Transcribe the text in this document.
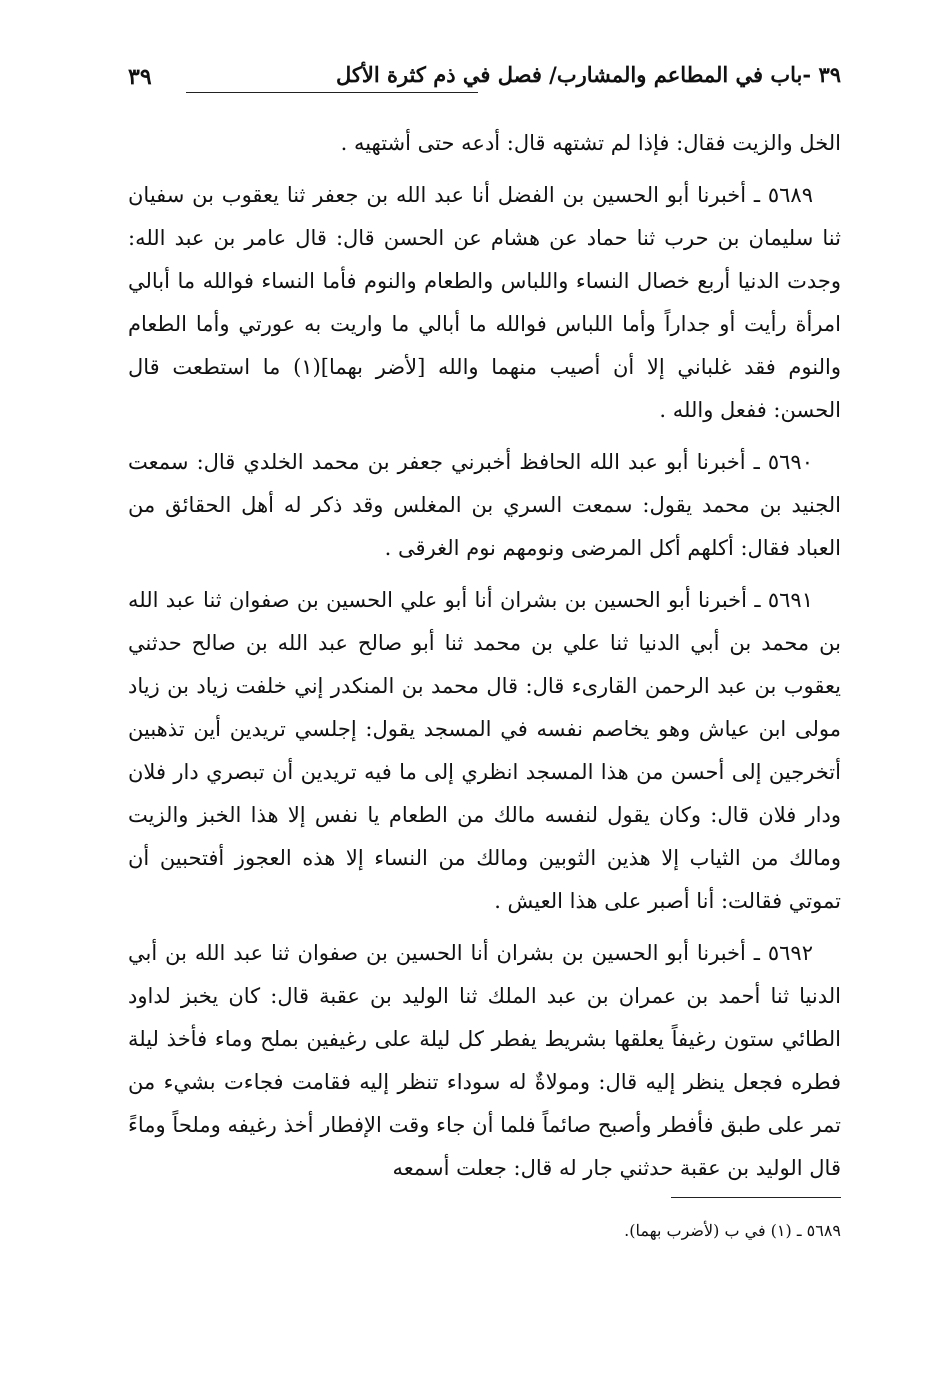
٣٩ -باب في المطاعم والمشارب/ فصل في ذم كثرة الأكل
٣٩

الخل والزيت فقال: فإذا لم تشتهه قال: أدعه حتى أشتهيه .

٥٦٨٩ ـ أخبرنا أبو الحسين بن الفضل أنا عبد الله بن جعفر ثنا يعقوب بن سفيان ثنا سليمان بن حرب ثنا حماد عن هشام عن الحسن قال: قال عامر بن عبد الله: وجدت الدنيا أربع خصال النساء واللباس والطعام والنوم فأما النساء فوالله ما أبالي امرأة رأيت أو جداراً وأما اللباس فوالله ما أبالي ما واريت به عورتي وأما الطعام والنوم فقد غلباني إلا أن أصيب منهما والله [لأضر بهما](١) ما استطعت قال الحسن: ففعل والله .

٥٦٩٠ ـ أخبرنا أبو عبد الله الحافظ أخبرني جعفر بن محمد الخلدي قال: سمعت الجنيد بن محمد يقول: سمعت السري بن المغلس وقد ذكر له أهل الحقائق من العباد فقال: أكلهم أكل المرضى ونومهم نوم الغرقى .

٥٦٩١ ـ أخبرنا أبو الحسين بن بشران أنا أبو علي الحسين بن صفوان ثنا عبد الله بن محمد بن أبي الدنيا ثنا علي بن محمد ثنا أبو صالح عبد الله بن صالح حدثني يعقوب بن عبد الرحمن القارىء قال: قال محمد بن المنكدر إني خلفت زياد بن زياد مولى ابن عياش وهو يخاصم نفسه في المسجد يقول: إجلسي تريدين أين تذهبين أتخرجين إلى أحسن من هذا المسجد انظري إلى ما فيه تريدين أن تبصري دار فلان ودار فلان قال: وكان يقول لنفسه مالك من الطعام يا نفس إلا هذا الخبز والزيت ومالك من الثياب إلا هذين الثوبين ومالك من النساء إلا هذه العجوز أفتحبين أن تموتي فقالت: أنا أصبر على هذا العيش .

٥٦٩٢ ـ أخبرنا أبو الحسين بن بشران أنا الحسين بن صفوان ثنا عبد الله بن أبي الدنيا ثنا أحمد بن عمران بن عبد الملك ثنا الوليد بن عقبة قال: كان يخبز لداود الطائي ستون رغيفاً يعلقها بشريط يفطر كل ليلة على رغيفين بملح وماء فأخذ ليلة فطره فجعل ينظر إليه قال: ومولاةٌ له سوداء تنظر إليه فقامت فجاءت بشيء من تمر على طبق فأفطر وأصبح صائماً فلما أن جاء وقت الإفطار أخذ رغيفه وملحاً وماءً قال الوليد بن عقبة حدثني جار له قال: جعلت أسمعه

٥٦٨٩ ـ (١) في ب (لأضرب بهما).
